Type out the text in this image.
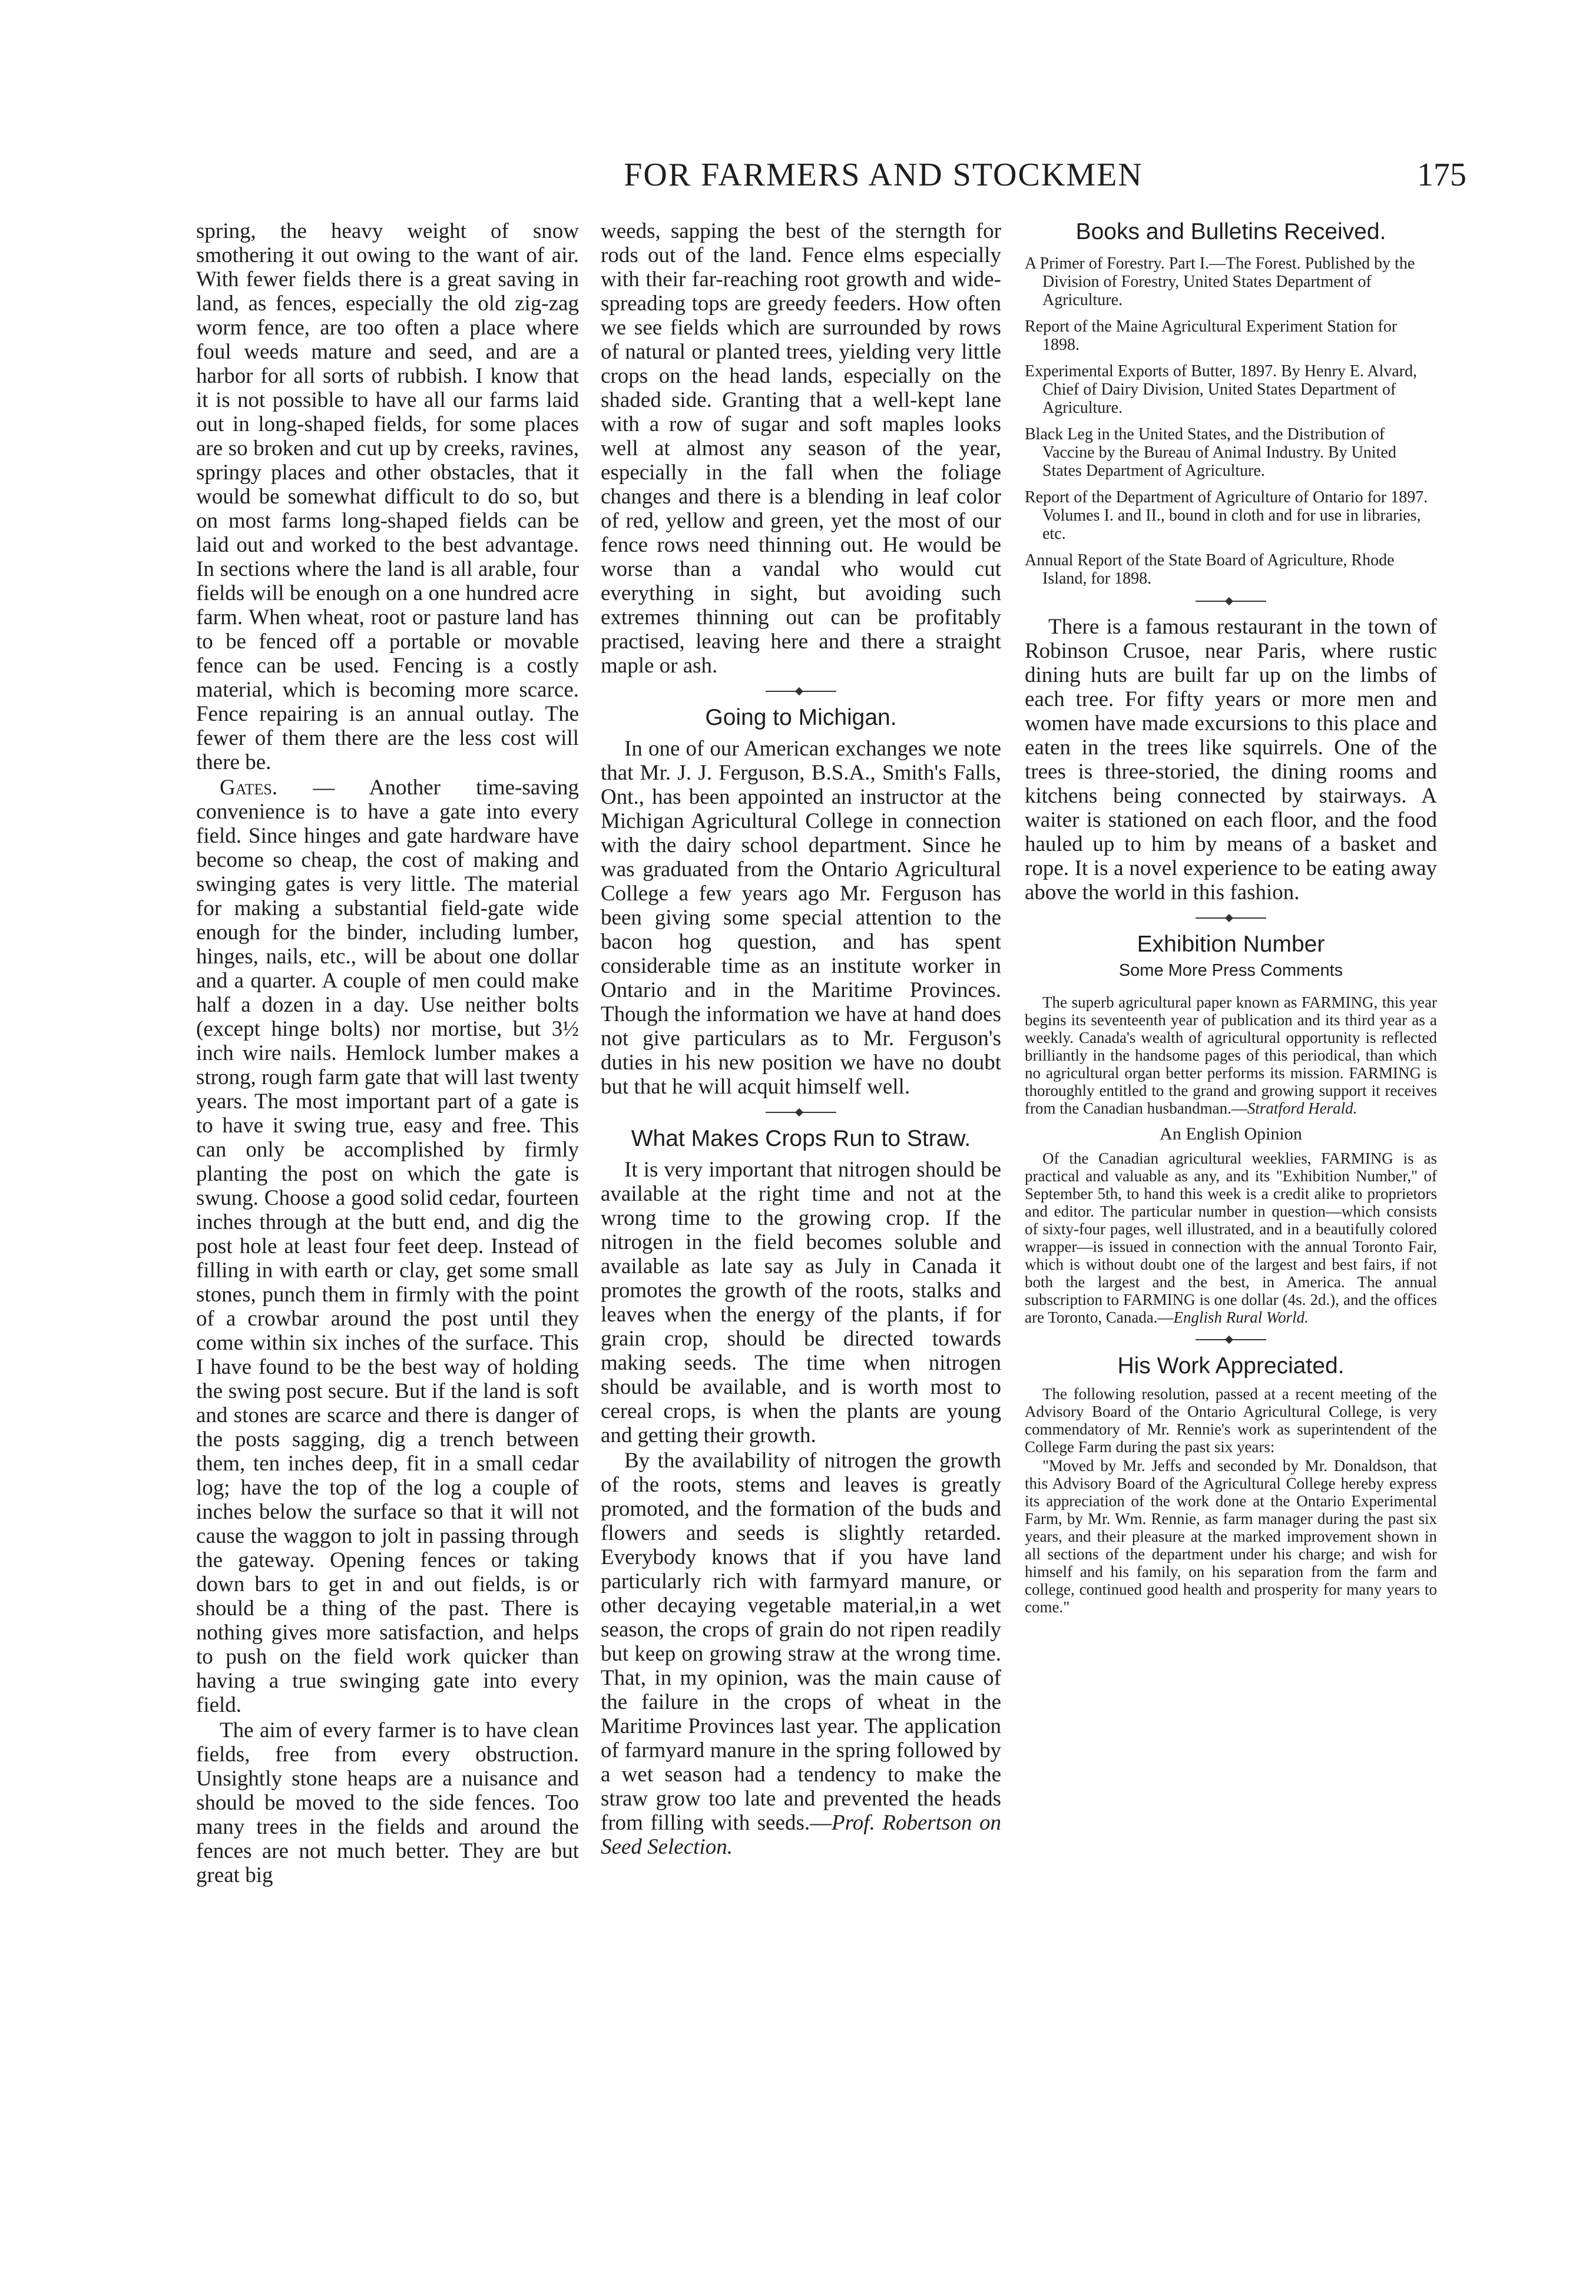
FOR FARMERS AND STOCKMEN	175

spring, the heavy weight of snow smothering it out owing to the want of air. With fewer fields there is a great saving in land, as fences, especially the old zig-zag worm fence, are too often a place where foul weeds mature and seed, and are a harbor for all sorts of rubbish. I know that it is not possible to have all our farms laid out in long-shaped fields, for some places are so broken and cut up by creeks, ravines, springy places and other obstacles, that it would be somewhat difficult to do so, but on most farms long-shaped fields can be laid out and worked to the best advantage. In sections where the land is all arable, four fields will be enough on a one hundred acre farm. When wheat, root or pasture land has to be fenced off a portable or movable fence can be used. Fencing is a costly material, which is becoming more scarce. Fence repairing is an annual outlay. The fewer of them there are the less cost will there be.

Gates. — Another time-saving convenience is to have a gate into every field. Since hinges and gate hardware have become so cheap, the cost of making and swinging gates is very little. The material for making a substantial field-gate wide enough for the binder, including lumber, hinges, nails, etc., will be about one dollar and a quarter. A couple of men could make half a dozen in a day. Use neither bolts (except hinge bolts) nor mortise, but 3½ inch wire nails. Hemlock lumber makes a strong, rough farm gate that will last twenty years. The most important part of a gate is to have it swing true, easy and free. This can only be accomplished by firmly planting the post on which the gate is swung. Choose a good solid cedar, fourteen inches through at the butt end, and dig the post hole at least four feet deep. Instead of filling in with earth or clay, get some small stones, punch them in firmly with the point of a crowbar around the post until they come within six inches of the surface. This I have found to be the best way of holding the swing post secure. But if the land is soft and stones are scarce and there is danger of the posts sagging, dig a trench between them, ten inches deep, fit in a small cedar log; have the top of the log a couple of inches below the surface so that it will not cause the waggon to jolt in passing through the gateway. Opening fences or taking down bars to get in and out fields, is or should be a thing of the past. There is nothing gives more satisfaction, and helps to push on the field work quicker than having a true swinging gate into every field.

The aim of every farmer is to have clean fields, free from every obstruction. Unsightly stone heaps are a nuisance and should be moved to the side fences. Too many trees in the fields and around the fences are not much better. They are but great big

weeds, sapping the best of the sterngth for rods out of the land. Fence elms especially with their far-reaching root growth and wide-spreading tops are greedy feeders. How often we see fields which are surrounded by rows of natural or planted trees, yielding very little crops on the head lands, especially on the shaded side. Granting that a well-kept lane with a row of sugar and soft maples looks well at almost any season of the year, especially in the fall when the foliage changes and there is a blending in leaf color of red, yellow and green, yet the most of our fence rows need thinning out. He would be worse than a vandal who would cut everything in sight, but avoiding such extremes thinning out can be profitably practised, leaving here and there a straight maple or ash.

Going to Michigan.

In one of our American exchanges we note that Mr. J. J. Ferguson, B.S.A., Smith's Falls, Ont., has been appointed an instructor at the Michigan Agricultural College in connection with the dairy school department. Since he was graduated from the Ontario Agricultural College a few years ago Mr. Ferguson has been giving some special attention to the bacon hog question, and has spent considerable time as an institute worker in Ontario and in the Maritime Provinces. Though the information we have at hand does not give particulars as to Mr. Ferguson's duties in his new position we have no doubt but that he will acquit himself well.

What Makes Crops Run to Straw.

It is very important that nitrogen should be available at the right time and not at the wrong time to the growing crop. If the nitrogen in the field becomes soluble and available as late say as July in Canada it promotes the growth of the roots, stalks and leaves when the energy of the plants, if for grain crop, should be directed towards making seeds. The time when nitrogen should be available, and is worth most to cereal crops, is when the plants are young and getting their growth.

By the availability of nitrogen the growth of the roots, stems and leaves is greatly promoted, and the formation of the buds and flowers and seeds is slightly retarded. Everybody knows that if you have land particularly rich with farmyard manure, or other decaying vegetable material,in a wet season, the crops of grain do not ripen readily but keep on growing straw at the wrong time. That, in my opinion, was the main cause of the failure in the crops of wheat in the Maritime Provinces last year. The application of farmyard manure in the spring followed by a wet season had a tendency to make the straw grow too late and prevented the heads from filling with seeds.—Prof. Robertson on Seed Selection.

Books and Bulletins Received.
A Primer of Forestry. Part I.—The Forest. Published by the Division of Forestry, United States Department of Agriculture.
Report of the Maine Agricultural Experiment Station for 1898.
Experimental Exports of Butter, 1897. By Henry E. Alvard, Chief of Dairy Division, United States Department of Agriculture.
Black Leg in the United States, and the Distribution of Vaccine by the Bureau of Animal Industry. By United States Department of Agriculture.
Report of the Department of Agriculture of Ontario for 1897. Volumes I. and II., bound in cloth and for use in libraries, etc.
Annual Report of the State Board of Agriculture, Rhode Island, for 1898.

There is a famous restaurant in the town of Robinson Crusoe, near Paris, where rustic dining huts are built far up on the limbs of each tree. For fifty years or more men and women have made excursions to this place and eaten in the trees like squirrels. One of the trees is three-storied, the dining rooms and kitchens being connected by stairways. A waiter is stationed on each floor, and the food hauled up to him by means of a basket and rope. It is a novel experience to be eating away above the world in this fashion.

Exhibition Number
Some More Press Comments

The superb agricultural paper known as FARMING, this year begins its seventeenth year of publication and its third year as a weekly. Canada's wealth of agricultural opportunity is reflected brilliantly in the handsome pages of this periodical, than which no agricultural organ better performs its mission. FARMING is thoroughly entitled to the grand and growing support it receives from the Canadian husbandman.—Stratford Herald.

An English Opinion

Of the Canadian agricultural weeklies, FARMING is as practical and valuable as any, and its "Exhibition Number," of September 5th, to hand this week is a credit alike to proprietors and editor. The particular number in question—which consists of sixty-four pages, well illustrated, and in a beautifully colored wrapper—is issued in connection with the annual Toronto Fair, which is without doubt one of the largest and best fairs, if not both the largest and the best, in America. The annual subscription to FARMING is one dollar (4s. 2d.), and the offices are Toronto, Canada.—English Rural World.

His Work Appreciated.

The following resolution, passed at a recent meeting of the Advisory Board of the Ontario Agricultural College, is very commendatory of Mr. Rennie's work as superintendent of the College Farm during the past six years:

"Moved by Mr. Jeffs and seconded by Mr. Donaldson, that this Advisory Board of the Agricultural College hereby express its appreciation of the work done at the Ontario Experimental Farm, by Mr. Wm. Rennie, as farm manager during the past six years, and their pleasure at the marked improvement shown in all sections of the department under his charge; and wish for himself and his family, on his separation from the farm and college, continued good health and prosperity for many years to come."
